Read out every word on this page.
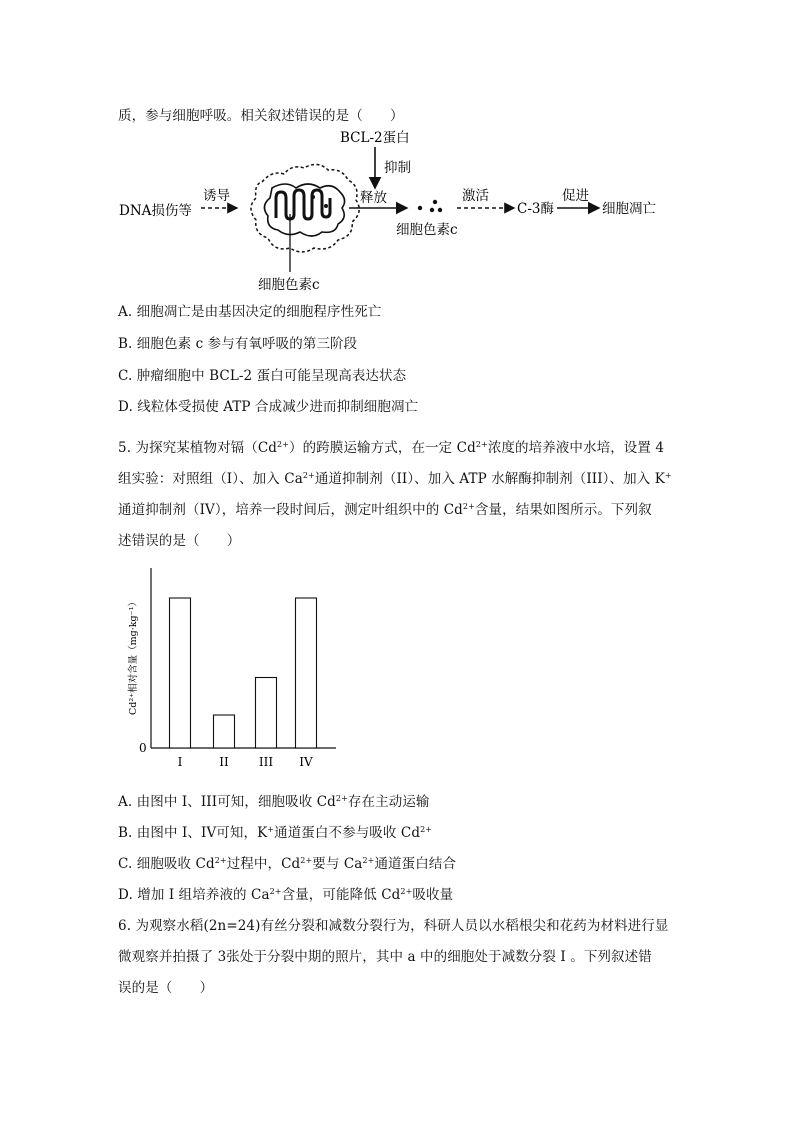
质，参与细胞呼吸。相关叙述错误的是（　　）
BCL-2蛋白
抑制
DNA损伤等
诱导
细胞色素c
释放
细胞色素c
激活
C-3酶
促进
细胞凋亡
A. 细胞凋亡是由基因决定的细胞程序性死亡
B. 细胞色素 c 参与有氧呼吸的第三阶段
C. 肿瘤细胞中 BCL-2 蛋白可能呈现高表达状态
D. 线粒体受损使 ATP 合成减少进而抑制细胞凋亡
5. 为探究某植物对镉$(Cd^{2+})$的跨膜运输方式，在一定 $Cd^{2+}$浓度的培养液中水培，设置 4
组实验：对照组（I）、加入 $Ca^{2+}$通道抑制剂（II）、加入 ATP 水解酶抑制剂（III）、加入 K+
通道抑制剂（IV），培养一段时间后，测定叶组织中的 $Cd^{2+}$含量，结果如图所示。下列叙
述错误的是（　　）
0
Cd²⁺相对含量（mg·kg⁻¹）
I	II	III IV
A. 由图中 I、III可知，细胞吸收 $Cd^{2+}$存在主动运输
B. 由图中 I、IV可知，K+通道蛋白不参与吸收 $Cd^{2+}$
C. 细胞吸收 $Cd^{2+}$过程中，$Cd^{2+}$要与 $Ca^{2+}$通道蛋白结合
D. 增加 I 组培养液的 $Ca^{2+}$含量，可能降低 $Cd^{2+}$吸收量
6. 为观察水稻(2n=24)有丝分裂和减数分裂行为，科研人员以水稻根尖和花药为材料进行显
微观察并拍摄了 3张处于分裂中期的照片，其中 a 中的细胞处于减数分裂 I 。下列叙述错
误的是（　　）
